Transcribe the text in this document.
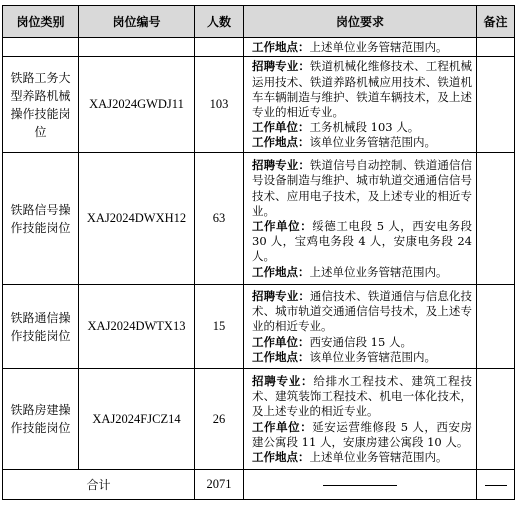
岗位类别	岗位编号	人数	岗位要求	备注

			工作地点：上述单位业务管辖范围内。	

铁路工务大型养路机械操作技能岗位	XAJ2024GWDJ11	103	招聘专业：铁道机械化维修技术、工程机械运用技术、铁道养路机械应用技术、铁道机车车辆制造与维护、铁道车辆技术，及上述专业的相近专业。
工作单位：工务机械段 103 人。
工作地点：该单位业务管辖范围内。	

铁路信号操作技能岗位	XAJ2024DWXH12	63	招聘专业：铁道信号自动控制、铁道通信信号设备制造与维护、城市轨道交通通信信号技术、应用电子技术，及上述专业的相近专业。
工作单位：绥德工电段 5 人，西安电务段 30 人，宝鸡电务段 4 人，安康电务段 24 人。
工作地点：上述单位业务管辖范围内。	

铁路通信操作技能岗位	XAJ2024DWTX13	15	招聘专业：通信技术、铁道通信与信息化技术、城市轨道交通通信信号技术，及上述专业的相近专业。
工作单位：西安通信段 15 人。
工作地点：该单位业务管辖范围内。	

铁路房建操作技能岗位	XAJ2024FJCZ14	26	招聘专业：给排水工程技术、建筑工程技术、建筑装饰工程技术、机电一体化技术，及上述专业的相近专业。
工作单位：延安运营维修段 5 人，西安房建公寓段 11 人，安康房建公寓段 10 人。
工作地点：上述单位业务管辖范围内。	

合计		2071		
